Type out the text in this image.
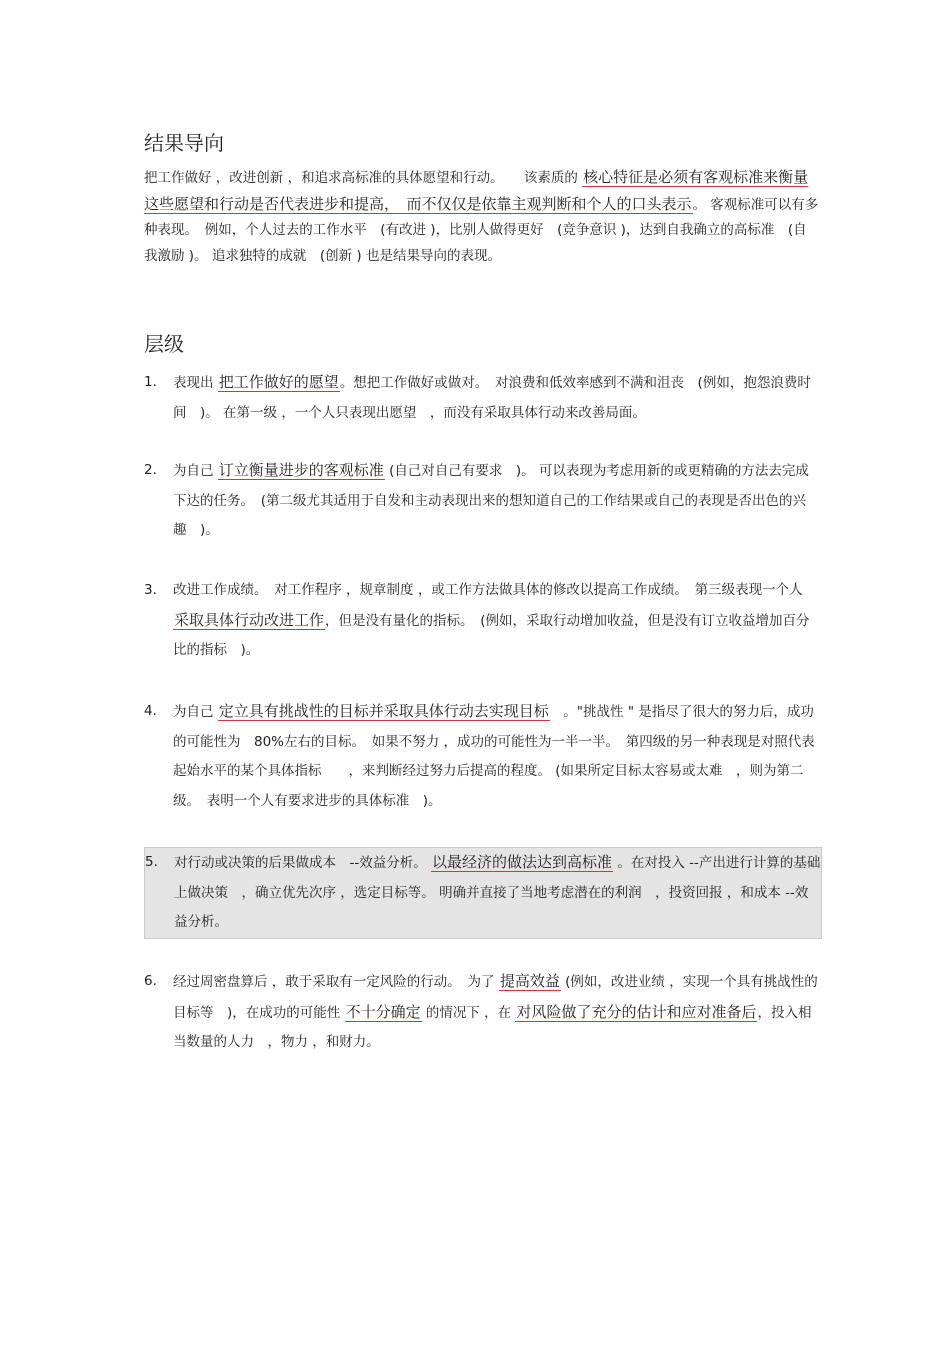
结果导向

把工作做好 ，改进创新 ，和追求高标准的具体愿望和行动。　　该素质的 核心特征是必须有客观标准来衡量这些愿望和行动是否代表进步和提高，　而不仅仅是依靠主观判断和个人的口头表示。 客观标准可以有多种表现。　例如，个人过去的工作水平　(有改进 )，比别人做得更好　(竞争意识 )，达到自我确立的高标准　(自我激励 )。 追求独特的成就　(创新 ) 也是结果导向的表现。

层级
1.	表现出 把工作做好的愿望。想把工作做好或做对。　对浪费和低效率感到不满和沮丧　(例如，抱怨浪费时间　)。 在第一级 ，一个人只表现出愿望　，而没有采取具体行动来改善局面。
2.	为自己 订立衡量进步的客观标准 (自己对自己有要求　)。 可以表现为考虑用新的或更精确的方法去完成下达的任务。　(第二级尤其适用于自发和主动表现出来的想知道自己的工作结果或自己的表现是否出色的兴趣　)。
3.	改进工作成绩。　对工作程序 ，规章制度 ，或工作方法做具体的修改以提高工作成绩。　第三级表现一个人　采取具体行动改进工作，但是没有量化的指标。　(例如，采取行动增加收益，但是没有订立收益增加百分比的指标　)。
4.	为自己 定立具有挑战性的目标并采取具体行动去实现目标　。"挑战性 " 是指尽了很大的努力后，成功的可能性为　80%左右的目标。　如果不努力 ，成功的可能性为一半一半。　第四级的另一种表现是对照代表起始水平的某个具体指标　　，来判断经过努力后提高的程度。 (如果所定目标太容易或太难　，则为第二级。　表明一个人有要求进步的具体标准　)。
5.	对行动或决策的后果做成本　--效益分析。 以最经济的做法达到高标准 。在对投入 --产出进行计算的基础上做决策　，确立优先次序 ，选定目标等。 明确并直接了当地考虑潜在的利润　，投资回报 ，和成本 --效益分析。
6.	经过周密盘算后 ，敢于采取有一定风险的行动。　为了 提高效益 (例如，改进业绩 ，实现一个具有挑战性的目标等　)，在成功的可能性 不十分确定 的情况下 ，在 对风险做了充分的估计和应对准备后，投入相当数量的人力　，物力 ，和财力。
